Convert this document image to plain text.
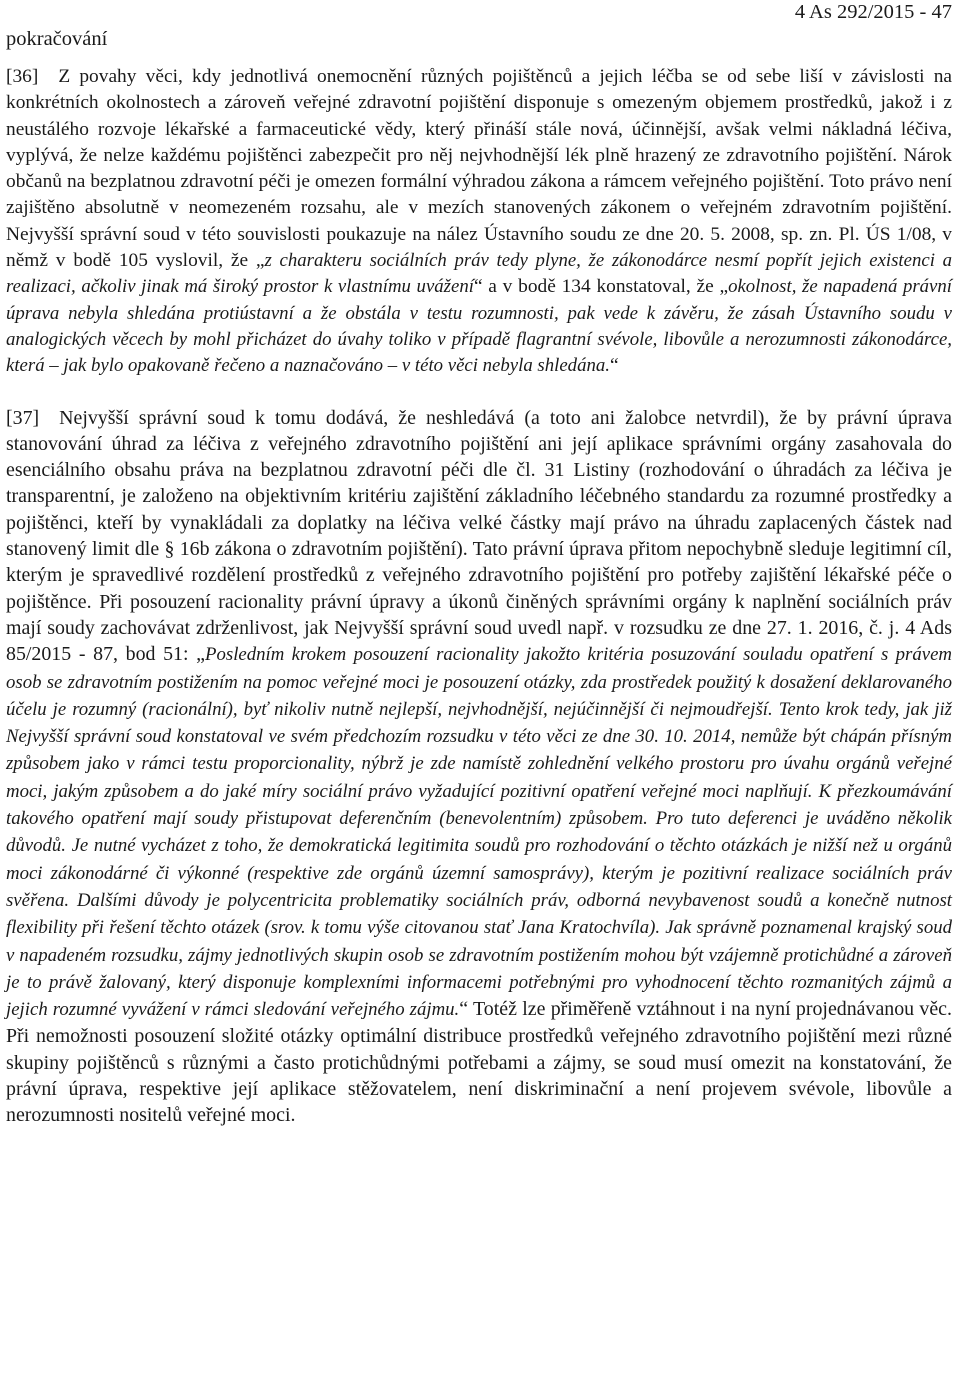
pokračování
4 As 292/2015 - 47

[36] Z povahy věci, kdy jednotlivá onemocnění různých pojištěnců a jejich léčba se od sebe liší v závislosti na konkrétních okolnostech a zároveň veřejné zdravotní pojištění disponuje s omezeným objemem prostředků, jakož i z neustálého rozvoje lékařské a farmaceutické vědy, který přináší stále nová, účinnější, avšak velmi nákladná léčiva, vyplývá, že nelze každému pojištěnci zabezpečit pro něj nejvhodnější lék plně hrazený ze zdravotního pojištění. Nárok občanů na bezplatnou zdravotní péči je omezen formální výhradou zákona a rámcem veřejného pojištění. Toto právo není zajištěno absolutně v neomezeném rozsahu, ale v mezích stanovených zákonem o veřejném zdravotním pojištění. Nejvyšší správní soud v této souvislosti poukazuje na nález Ústavního soudu ze dne 20. 5. 2008, sp. zn. Pl. ÚS 1/08, v němž v bodě 105 vyslovil, že „z charakteru sociálních práv tedy plyne, že zákonodárce nesmí popřít jejich existenci a realizaci, ačkoliv jinak má široký prostor k vlastnímu uvážení“ a v bodě 134 konstatoval, že „okolnost, že napadená právní úprava nebyla shledána protiústavní a že obstála v testu rozumnosti, pak vede k závěru, že zásah Ústavního soudu v analogických věcech by mohl přicházet do úvahy toliko v případě flagrantní svévole, libovůle a nerozumnosti zákonodárce, která – jak bylo opakovaně řečeno a naznačováno – v této věci nebyla shledána.“

[37] Nejvyšší správní soud k tomu dodává, že neshledává (a toto ani žalobce netvrdil), že by právní úprava stanovování úhrad za léčiva z veřejného zdravotního pojištění ani její aplikace správními orgány zasahovala do esenciálního obsahu práva na bezplatnou zdravotní péči dle čl. 31 Listiny (rozhodování o úhradách za léčiva je transparentní, je založeno na objektivním kritériu zajištění základního léčebného standardu za rozumné prostředky a pojištěnci, kteří by vynakládali za doplatky na léčiva velké částky mají právo na úhradu zaplacených částek nad stanovený limit dle § 16b zákona o zdravotním pojištění). Tato právní úprava přitom nepochybně sleduje legitimní cíl, kterým je spravedlivé rozdělení prostředků z veřejného zdravotního pojištění pro potřeby zajištění lékařské péče o pojištěnce. Při posouzení racionality právní úpravy a úkonů činěných správními orgány k naplnění sociálních práv mají soudy zachovávat zdrženlivost, jak Nejvyšší správní soud uvedl např. v rozsudku ze dne 27. 1. 2016, č. j. 4 Ads 85/2015 - 87, bod 51: „Posledním krokem posouzení racionality jakožto kritéria posuzování souladu opatření s právem osob se zdravotním postižením na pomoc veřejné moci je posouzení otázky, zda prostředek použitý k dosažení deklarovaného účelu je rozumný (racionální), byť nikoliv nutně nejlepší, nejvhodnější, nejúčinnější či nejmoudřejší. Tento krok tedy, jak již Nejvyšší správní soud konstatoval ve svém předchozím rozsudku v této věci ze dne 30. 10. 2014, nemůže být chápán přísným způsobem jako v rámci testu proporcionality, nýbrž je zde namístě zohlednění velkého prostoru pro úvahu orgánů veřejné moci, jakým způsobem a do jaké míry sociální právo vyžadující pozitivní opatření veřejné moci naplňují. K přezkoumávání takového opatření mají soudy přistupovat deferenčním (benevolentním) způsobem. Pro tuto deferenci je uváděno několik důvodů. Je nutné vycházet z toho, že demokratická legitimita soudů pro rozhodování o těchto otázkách je nižší než u orgánů moci zákonodárné či výkonné (respektive zde orgánů územní samosprávy), kterým je pozitivní realizace sociálních práv svěřena. Dalšími důvody je polycentricita problematiky sociálních práv, odborná nevybavenost soudů a konečně nutnost flexibility při řešení těchto otázek (srov. k tomu výše citovanou stať Jana Kratochvíla). Jak správně poznamenal krajský soud v napadeném rozsudku, zájmy jednotlivých skupin osob se zdravotním postižením mohou být vzájemně protichůdné a zároveň je to právě žalovaný, který disponuje komplexními informacemi potřebnými pro vyhodnocení těchto rozmanitých zájmů a jejich rozumné vyvážení v rámci sledování veřejného zájmu.“ Totéž lze přiměřeně vztáhnout i na nyní projednávanou věc. Při nemožnosti posouzení složité otázky optimální distribuce prostředků veřejného zdravotního pojištění mezi různé skupiny pojištěnců s různými a často protichůdnými potřebami a zájmy, se soud musí omezit na konstatování, že právní úprava, respektive její aplikace stěžovatelem, není diskriminační a není projevem svévole, libovůle a nerozumnosti nositelů veřejné moci.
